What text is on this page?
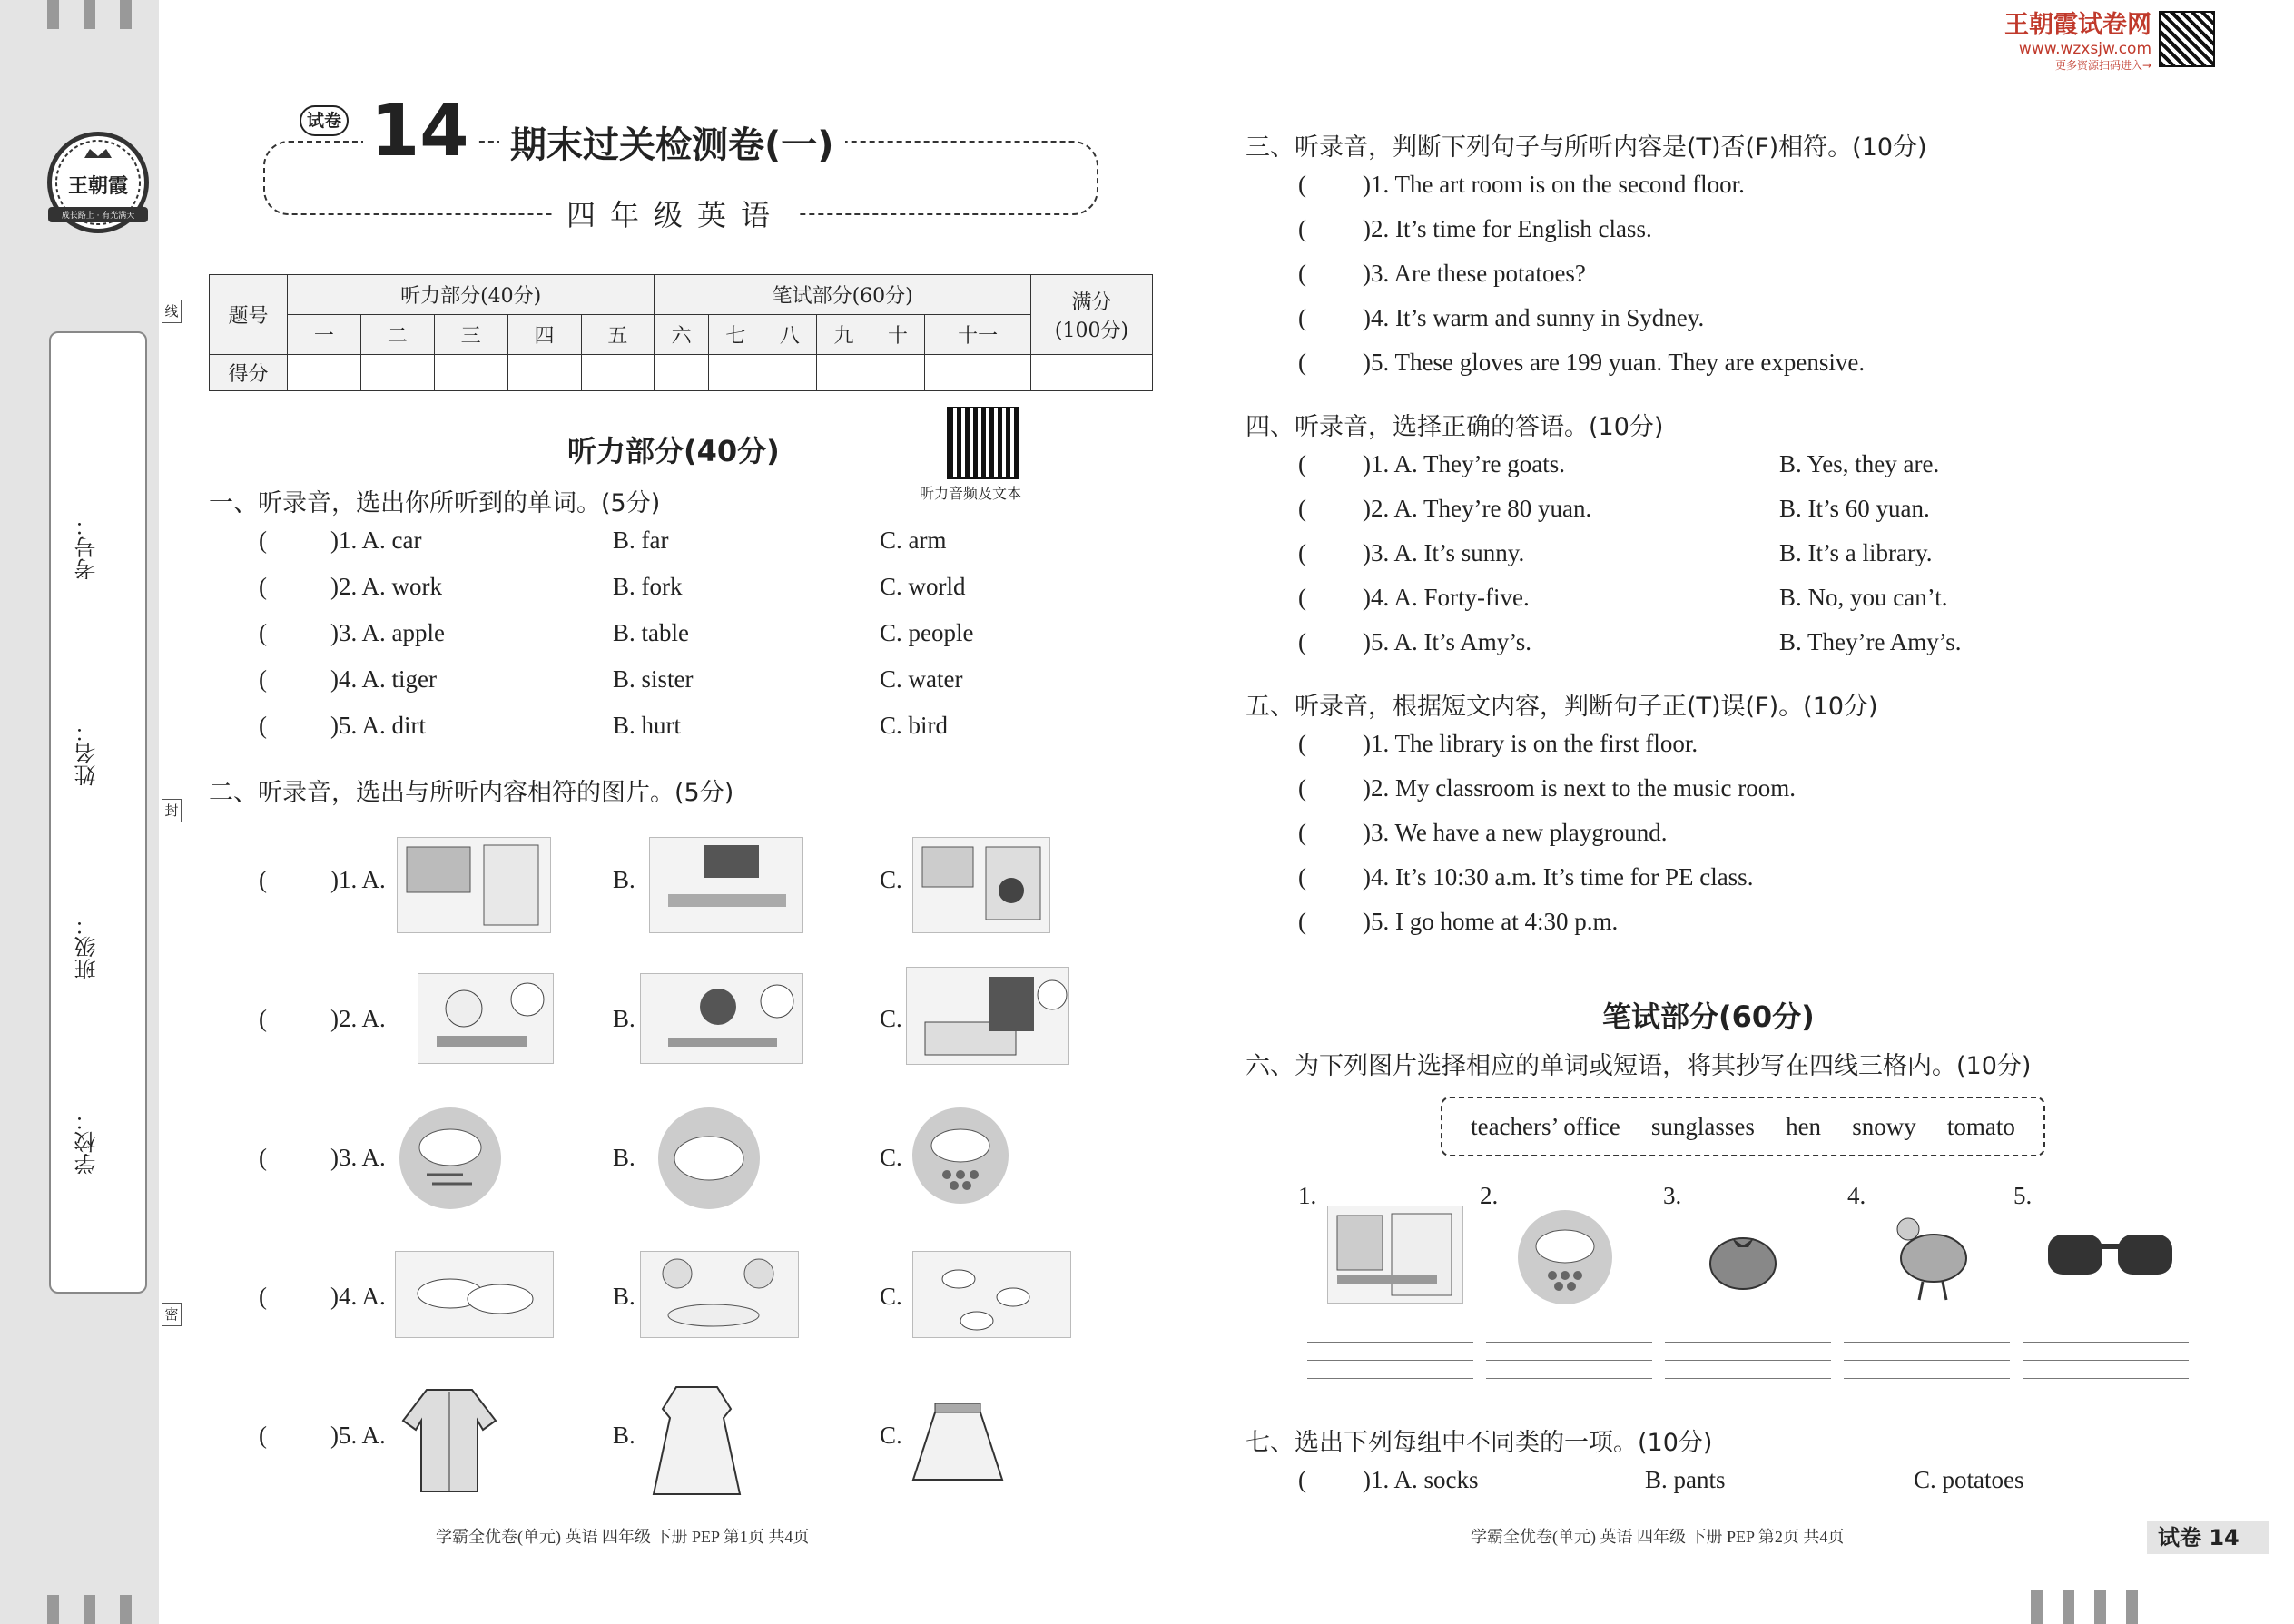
王朝霞
成长路上 · 有光满天
学校：
班级：
姓名：
考号：
线
封
密
王朝霞试卷网
www.wzxsjw.com
更多资源扫码进入→
试卷 14	期末过关检测卷(一)
四年级英语
题号	听力部分(40分)					笔试部分(60分)						满分
(100分)

	一	二	三	四	五	六	七	八	九	十	十一	
得分												
听力部分(40分)
听力音频及文本
一、听录音，选出你所听到的单词。(5分)
(	)1. A. car	B. far	C. arm
(	)2. A. work	B. fork	C. world
(	)3. A. apple	B. table	C. people
(	)4. A. tiger	B. sister	C. water
(	)5. A. dirt	B. hurt	C. bird
二、听录音，选出与所听内容相符的图片。(5分)
(	)1. A.	B.	C.
(	)2. A.	B.	C.
(	)3. A.	B.	C.
(	)4. A.	B.	C.
(	)5. A.	B.	C.
三、听录音，判断下列句子与所听内容是(T)否(F)相符。(10分)
( )1. The art room is on the second floor.
( )2. It’s time for English class.
( )3. Are these potatoes?
( )4. It’s warm and sunny in Sydney.
( )5. These gloves are 199 yuan. They are expensive.
四、听录音，选择正确的答语。(10分)
( )1. A. They’re goats.	B. Yes, they are.
( )2. A. They’re 80 yuan.	B. It’s 60 yuan.
( )3. A. It’s sunny.	B. It’s a library.
( )4. A. Forty-five.	B. No, you can’t.
( )5. A. It’s Amy’s.	B. They’re Amy’s.
五、听录音，根据短文内容，判断句子正(T)误(F)。(10分)
( )1. The library is on the first floor.
( )2. My classroom is next to the music room.
( )3. We have a new playground.
( )4. It’s 10:30 a.m. It’s time for PE class.
( )5. I go home at 4:30 p.m.
笔试部分(60分)
六、为下列图片选择相应的单词或短语，将其抄写在四线三格内。(10分)
teachers’ office sunglasses hen snowy tomato
1.	2.	3.	4.	5.
七、选出下列每组中不同类的一项。(10分)
( )1. A. socks	B. pants	C. potatoes
学霸全优卷(单元) 英语 四年级 下册 PEP 第1页 共4页	学霸全优卷(单元) 英语 四年级 下册 PEP 第2页 共4页	试卷 14
